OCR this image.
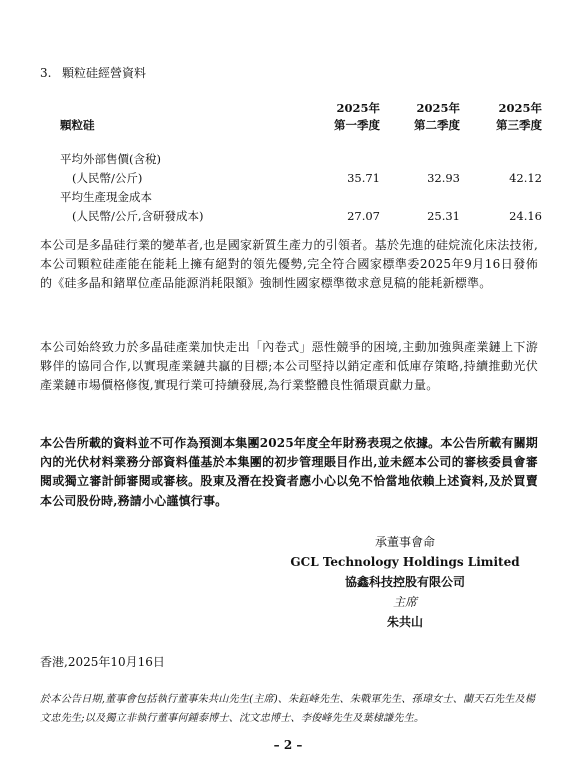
3. 顆粒硅經營資料
顆粒硅	2025年	2025年	2025年
	第一季度	第二季度	第三季度

平均外部售價(含稅)			
(人民幣/公斤)	35.71	32.93	42.12
平均生產現金成本			
(人民幣/公斤,含研發成本)	27.07	25.31	24.16
本公司是多晶硅行業的變革者,也是國家新質生產力的引領者。基於先進的硅烷流化床法技術,本公司顆粒硅產能在能耗上擁有絕對的領先優勢,完全符合國家標準委2025年9月16日發佈的《硅多晶和鍺單位產品能源消耗限額》強制性國家標準徵求意見稿的能耗新標準。
本公司始終致力於多晶硅產業加快走出「內卷式」惡性競爭的困境,主動加強與產業鏈上下游夥伴的協同合作,以實現產業鏈共贏的目標;本公司堅持以銷定產和低庫存策略,持續推動光伏產業鏈市場價格修復,實現行業可持續發展,為行業整體良性循環貢獻力量。
本公告所載的資料並不可作為預測本集團2025年度全年財務表現之依據。本公告所載有關期內的光伏材料業務分部資料僅基於本集團的初步管理賬目作出,並未經本公司的審核委員會審閱或獨立審計師審閱或審核。股東及潛在投資者應小心以免不恰當地依賴上述資料,及於買賣本公司股份時,務請小心謹慎行事。
承董事會命
GCL Technology Holdings Limited
協鑫科技控股有限公司
主席
朱共山
香港,2025年10月16日
於本公告日期,董事會包括執行董事朱共山先生(主席)、朱鈺峰先生、朱戰軍先生、孫瑋女士、蘭天石先生及楊文忠先生;以及獨立非執行董事何鍾泰博士、沈文忠博士、李俊峰先生及葉棣謙先生。
– 2 –
